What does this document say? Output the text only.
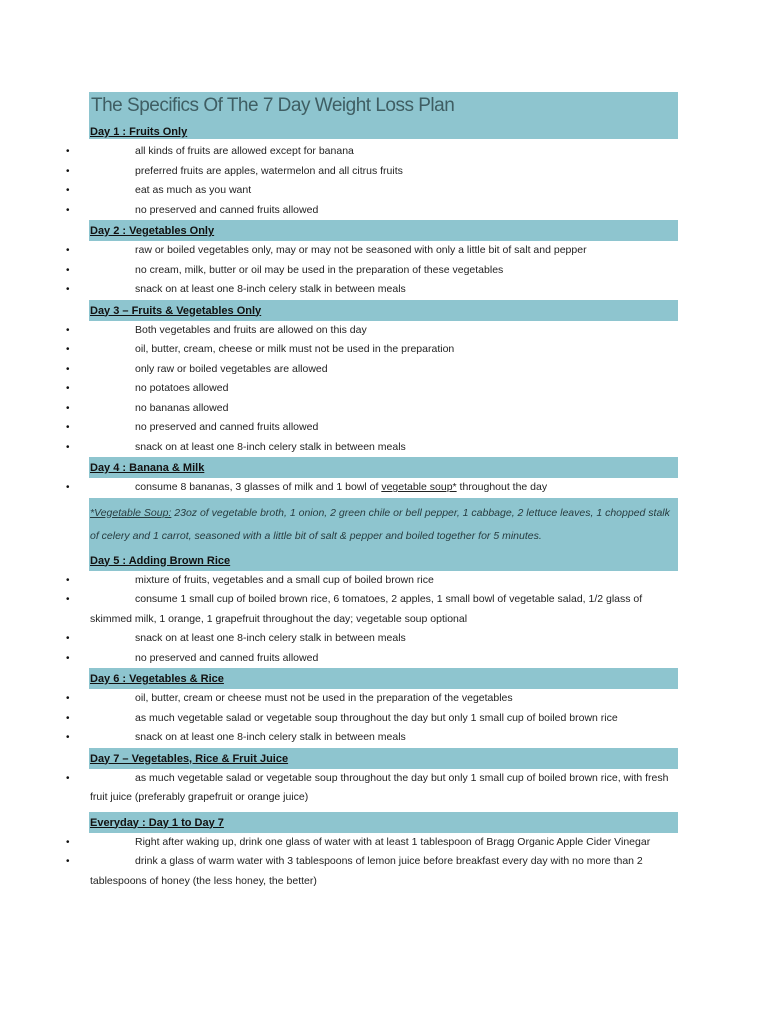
The Specifics Of The 7 Day Weight Loss Plan
Day 1 : Fruits Only
•	all kinds of fruits are allowed except for banana
•	preferred fruits are apples, watermelon and all citrus fruits
•	eat as much as you want
•	no preserved and canned fruits allowed
Day 2 : Vegetables Only
•	raw or boiled vegetables only, may or may not be seasoned with only a little bit of salt and pepper
•	no cream, milk, butter or oil may be used in the preparation of these vegetables
•	snack on at least one 8-inch celery stalk in between meals
Day 3 – Fruits & Vegetables Only
•	Both vegetables and fruits are allowed on this day
•	oil, butter, cream, cheese or milk must not be used in the preparation
•	only raw or boiled vegetables are allowed
•	no potatoes allowed
•	no bananas allowed
•	no preserved and canned fruits allowed
•	snack on at least one 8-inch celery stalk in between meals
Day 4 : Banana & Milk
•	consume 8 bananas, 3 glasses of milk and 1 bowl of vegetable soup* throughout the day
*Vegetable Soup: 23oz of vegetable broth, 1 onion, 2 green chile or bell pepper, 1 cabbage, 2 lettuce leaves, 1 chopped stalk of celery and 1 carrot, seasoned with a little bit of salt & pepper and boiled together for 5 minutes.
Day 5 : Adding Brown Rice
•	mixture of fruits, vegetables and a small cup of boiled brown rice
•	consume 1 small cup of boiled brown rice, 6 tomatoes, 2 apples, 1 small bowl of vegetable salad, 1/2 glass of skimmed milk, 1 orange, 1 grapefruit throughout the day; vegetable soup optional
•	snack on at least one 8-inch celery stalk in between meals
•	no preserved and canned fruits allowed
Day 6 : Vegetables & Rice
•	oil, butter, cream or cheese must not be used in the preparation of the vegetables
•	as much vegetable salad or vegetable soup throughout the day but only 1 small cup of boiled brown rice
•	snack on at least one 8-inch celery stalk in between meals
Day 7 – Vegetables, Rice & Fruit Juice
•	as much vegetable salad or vegetable soup throughout the day but only 1 small cup of boiled brown rice, with fresh fruit juice (preferably grapefruit or orange juice)
Everyday : Day 1 to Day 7
•	Right after waking up, drink one glass of water with at least 1 tablespoon of Bragg Organic Apple Cider Vinegar
•	drink a glass of warm water with 3 tablespoons of lemon juice before breakfast every day with no more than 2 tablespoons of honey (the less honey, the better)
